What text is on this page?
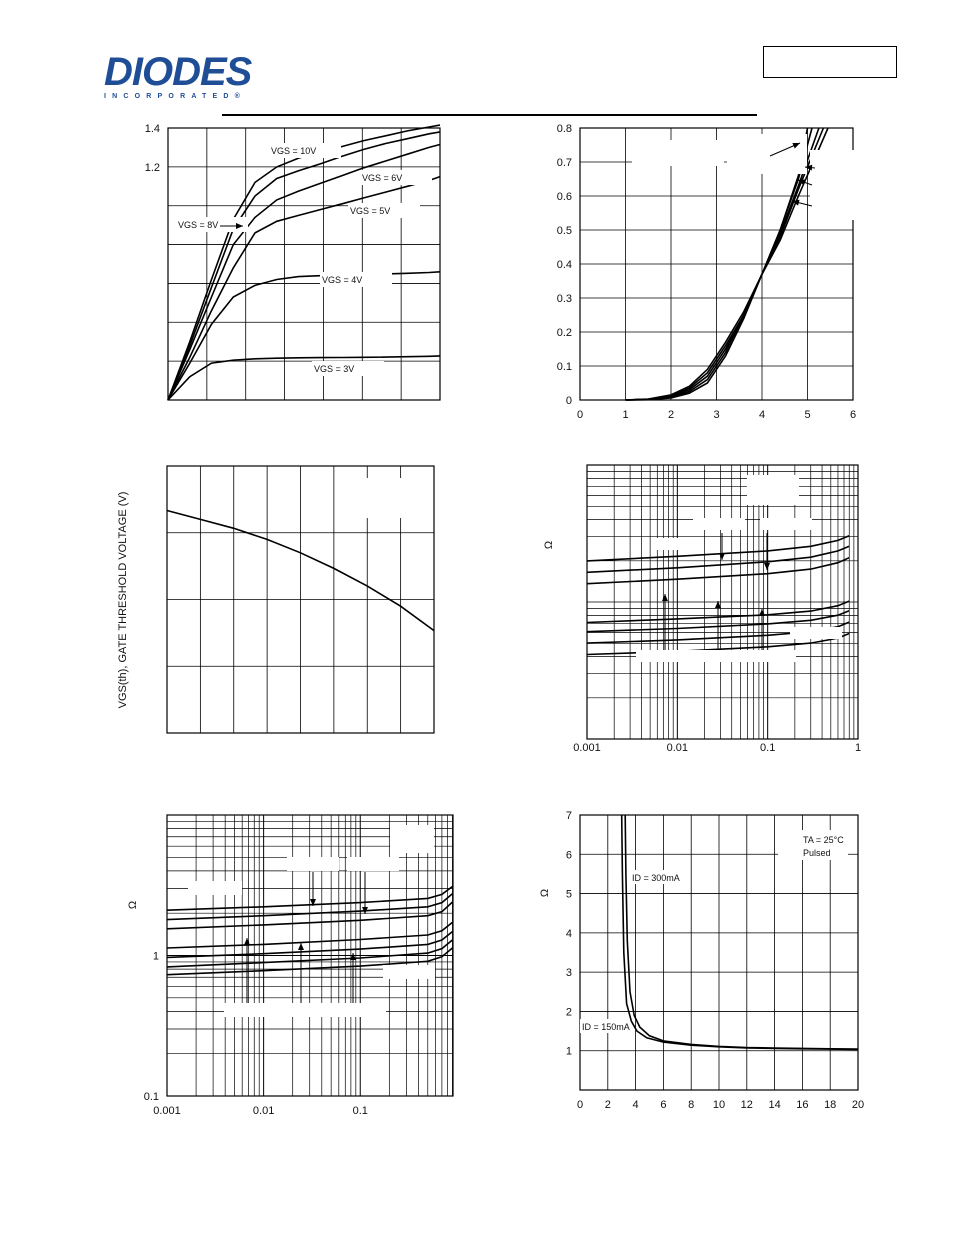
DIODES
INCORPORATED®
1.4
1.2
VGS = 10V
VGS = 8V
VGS = 6V
VGS = 5V
VGS = 4V
VGS = 3V
0	1	2	3	4	5	6
0
0.1
0.2
0.3
0.4
0.5
0.6
0.7
0.8
VGS(th), GATE THRESHOLD VOLTAGE (V)
0.001	0.01	0.1	1
Ω
0.001	0.01	0.1
0.1
1
Ω
0 2 4 6 8 10 12 14 16 18 20
1
2
3
4
5
6
7
Ω
TA = 25°C
Pulsed
ID = 300mA
ID = 150mA
